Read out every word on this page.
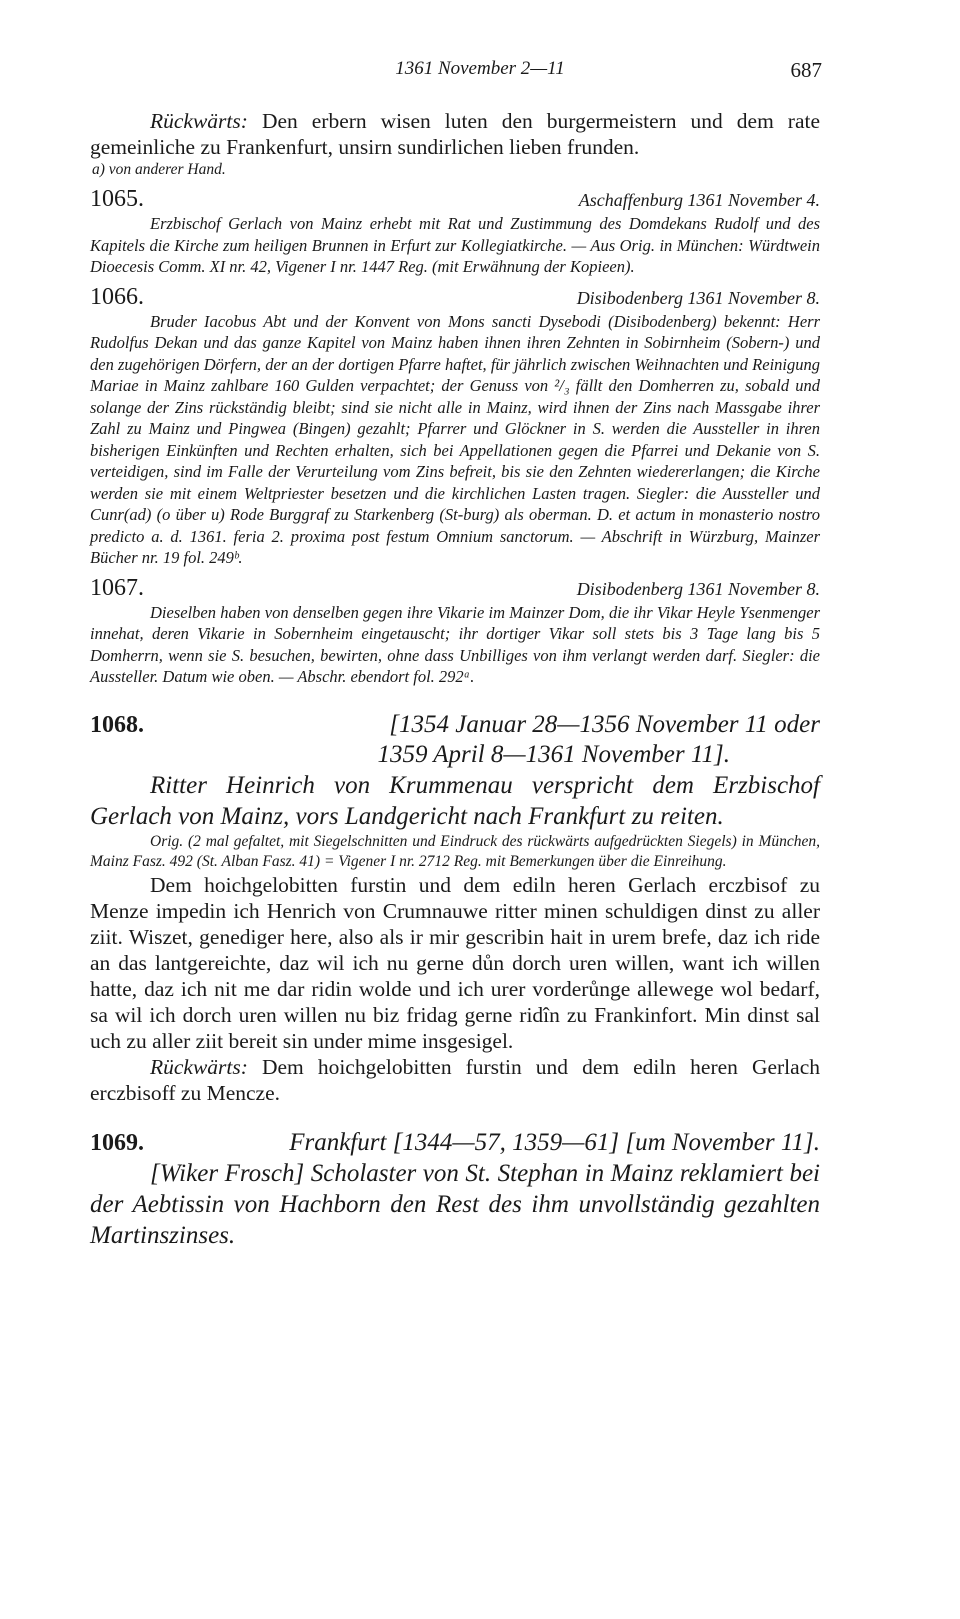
1361 November 2—11	687

Rückwärts: Den erbern wisen luten den burgermeistern und dem rate gemeinliche zu Frankenfurt, unsirn sundirlichen lieben frunden.

a) von anderer Hand.

1065.	Aschaffenburg 1361 November 4.

Erzbischof Gerlach von Mainz erhebt mit Rat und Zustimmung des Domdekans Rudolf und des Kapitels die Kirche zum heiligen Brunnen in Erfurt zur Kollegiatkirche. — Aus Orig. in München: Würdtwein Dioecesis Comm. XI nr. 42, Vigener I nr. 1447 Reg. (mit Erwähnung der Kopieen).

1066.	Disibodenberg 1361 November 8.

Bruder Iacobus Abt und der Konvent von Mons sancti Dysebodi (Disibodenberg) bekennt: Herr Rudolfus Dekan und das ganze Kapitel von Mainz haben ihnen ihren Zehnten in Sobirnheim (Sobern-) und den zugehörigen Dörfern, der an der dortigen Pfarre haftet, für jährlich zwischen Weihnachten und Reinigung Mariae in Mainz zahlbare 160 Gulden verpachtet; der Genuss von ²/₃ fällt den Domherren zu, sobald und solange der Zins rückständig bleibt; sind sie nicht alle in Mainz, wird ihnen der Zins nach Massgabe ihrer Zahl zu Mainz und Pingwea (Bingen) gezahlt; Pfarrer und Glöckner in S. werden die Aussteller in ihren bisherigen Einkünften und Rechten erhalten, sich bei Appellationen gegen die Pfarrei und Dekanie von S. verteidigen, sind im Falle der Verurteilung vom Zins befreit, bis sie den Zehnten wiedererlangen; die Kirche werden sie mit einem Weltpriester besetzen und die kirchlichen Lasten tragen. Siegler: die Aussteller und Cunr(ad) (o über u) Rode Burggraf zu Starkenberg (St-burg) als oberman. D. et actum in monasterio nostro predicto a. d. 1361. feria 2. proxima post festum Omnium sanctorum. — Abschrift in Würzburg, Mainzer Bücher nr. 19 fol. 249ᵇ.

1067.	Disibodenberg 1361 November 8.

Dieselben haben von denselben gegen ihre Vikarie im Mainzer Dom, die ihr Vikar Heyle Ysenmenger innehat, deren Vikarie in Sobernheim eingetauscht; ihr dortiger Vikar soll stets bis 3 Tage lang bis 5 Domherrn, wenn sie S. besuchen, bewirten, ohne dass Unbilliges von ihm verlangt werden darf. Siegler: die Aussteller. Datum wie oben. — Abschr. ebendort fol. 292ᵃ.

1068.	[1354 Januar 28—1356 November 11 oder
1359 April 8—1361 November 11].

Ritter Heinrich von Krummenau verspricht dem Erzbischof Gerlach von Mainz, vors Landgericht nach Frankfurt zu reiten.

Orig. (2 mal gefaltet, mit Siegelschnitten und Eindruck des rückwärts aufgedrückten Siegels) in München, Mainz Fasz. 492 (St. Alban Fasz. 41) = Vigener I nr. 2712 Reg. mit Bemerkungen über die Einreihung.

Dem hoichgelobitten furstin und dem ediln heren Gerlach erczbisof zu Menze impedin ich Henrich von Crumnauwe ritter minen schuldigen dinst zu aller ziit. Wiszet, genediger here, also als ir mir gescribin hait in urem brefe, daz ich ride an das lantgereichte, daz wil ich nu gerne důn dorch uren willen, want ich willen hatte, daz ich nit me dar ridin wolde und ich urer vorderůnge allewege wol bedarf, sa wil ich dorch uren willen nu biz fridag gerne ridîn zu Frankinfort. Min dinst sal uch zu aller ziit bereit sin under mime insgesigel.

Rückwärts: Dem hoichgelobitten furstin und dem ediln heren Gerlach erczbisoff zu Mencze.

1069.	Frankfurt [1344—57, 1359—61] [um November 11].

[Wiker Frosch] Scholaster von St. Stephan in Mainz reklamiert bei der Aebtissin von Hachborn den Rest des ihm unvollständig gezahlten Martinszinses.
